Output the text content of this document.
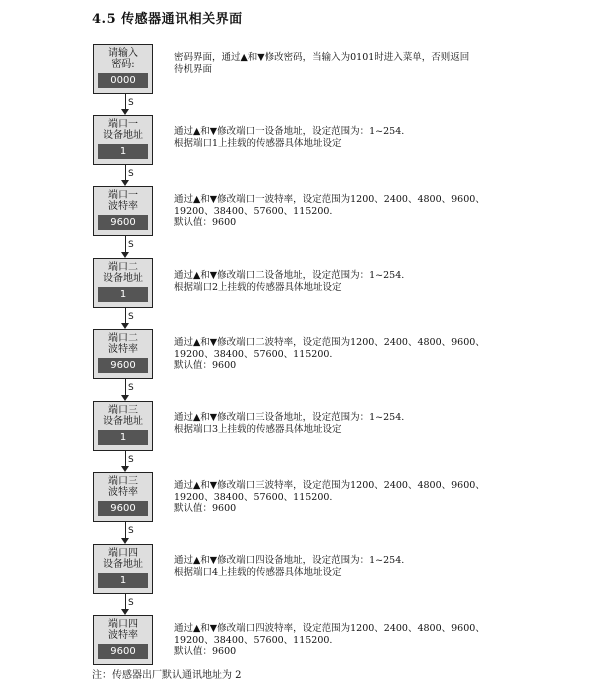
4.5 传感器通讯相关界面
请输入
密码:
0000
密码界面，通过▲和▼修改密码，当输入为0101时进入菜单，否则返回
待机界面
S
端口一
设备地址
1
通过▲和▼修改端口一设备地址，设定范围为：1~254.
根据端口1上挂载的传感器具体地址设定
S
端口一
波特率
9600
通过▲和▼修改端口一波特率，设定范围为1200、2400、4800、9600、
19200、38400、57600、115200.
默认值：9600
S
端口二
设备地址
1
通过▲和▼修改端口二设备地址，设定范围为：1~254.
根据端口2上挂载的传感器具体地址设定
S
端口二
波特率
9600
通过▲和▼修改端口二波特率，设定范围为1200、2400、4800、9600、
19200、38400、57600、115200.
默认值：9600
S
端口三
设备地址
1
通过▲和▼修改端口三设备地址，设定范围为：1~254.
根据端口3上挂载的传感器具体地址设定
S
端口三
波特率
9600
通过▲和▼修改端口三波特率，设定范围为1200、2400、4800、9600、
19200、38400、57600、115200.
默认值：9600
S
端口四
设备地址
1
通过▲和▼修改端口四设备地址，设定范围为：1~254.
根据端口4上挂载的传感器具体地址设定
S
端口四
波特率
9600
通过▲和▼修改端口四波特率，设定范围为1200、2400、4800、9600、
19200、38400、57600、115200.
默认值：9600
注：传感器出厂默认通讯地址为 2
